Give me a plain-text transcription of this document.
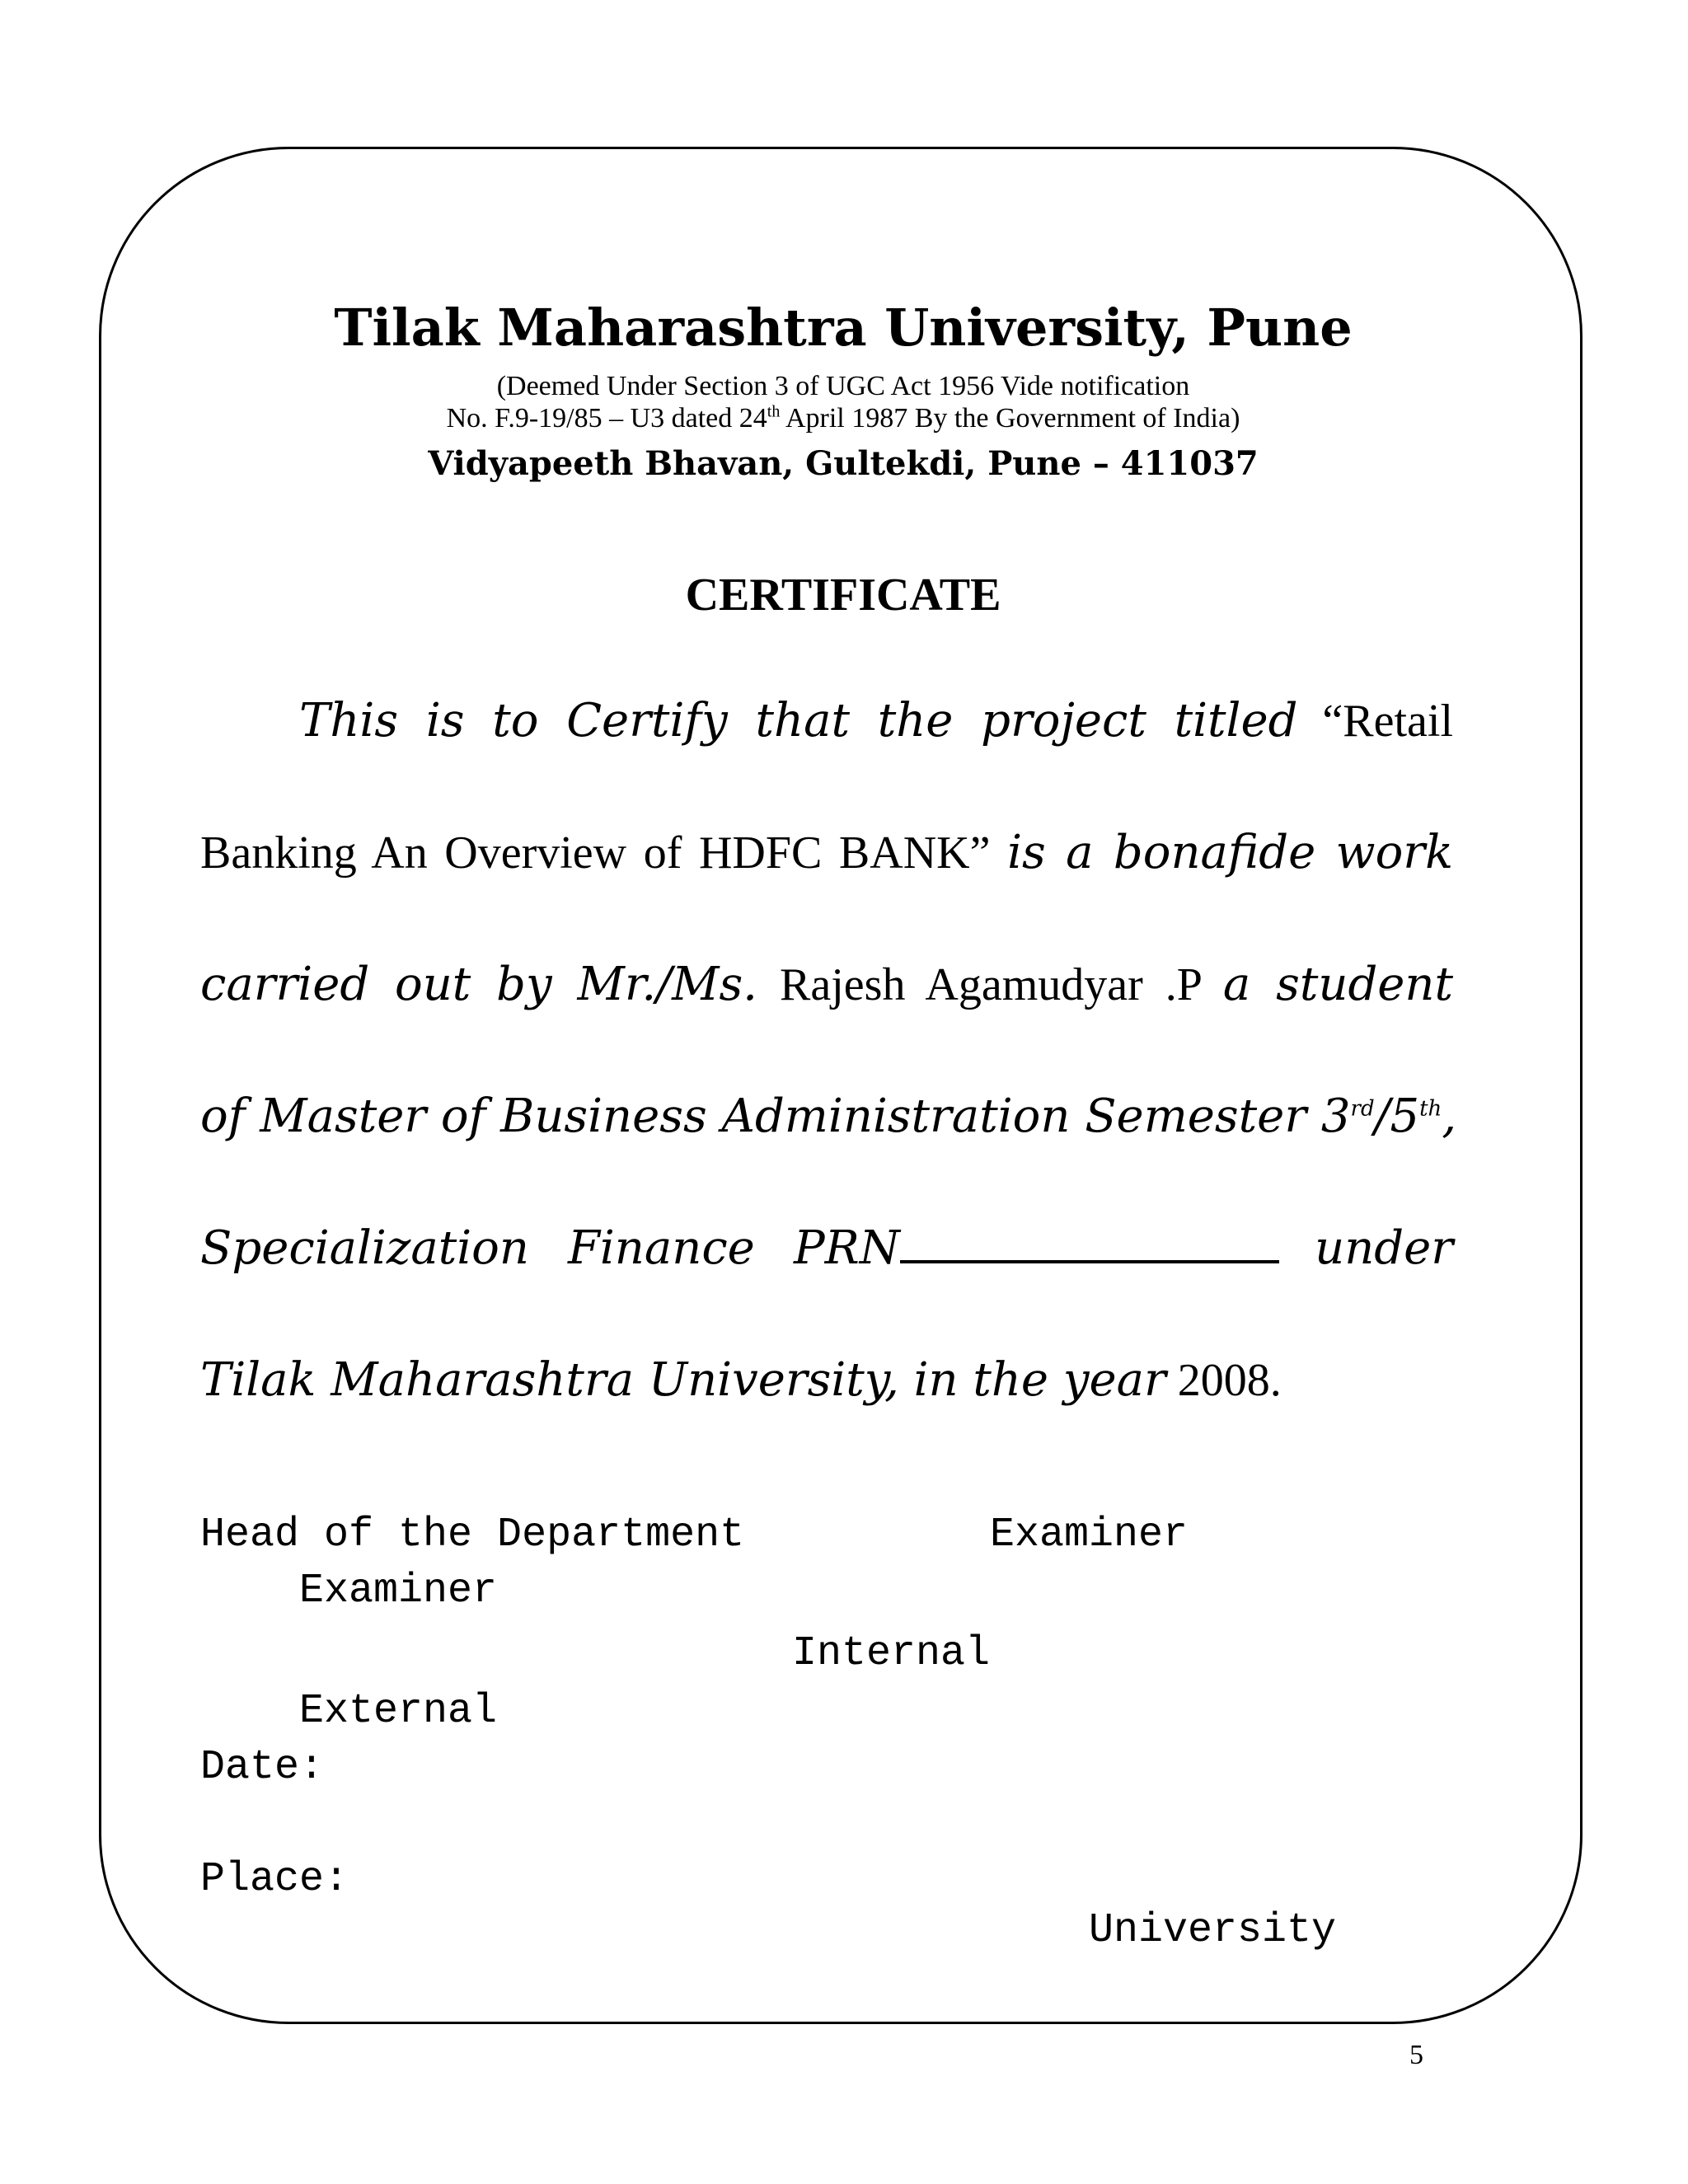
Tilak Maharashtra University, Pune
(Deemed Under Section 3 of UGC Act 1956 Vide notification
No. F.9-19/85 – U3 dated 24th April 1987 By the Government of India)
Vidyapeeth Bhavan, Gultekdi, Pune – 411037
CERTIFICATE
This is to Certify that the project titled “Retail
Banking An Overview of HDFC BANK” is a bonafide work
carried out by Mr./Ms. Rajesh Agamudyar .P a student
of Master of Business Administration Semester 3rd/5th,
Specialization Finance PRN	under
Tilak Maharashtra University, in the year 2008.
Head of the Department	Examiner
Examiner
Internal
External
Date:
Place:
University
5
